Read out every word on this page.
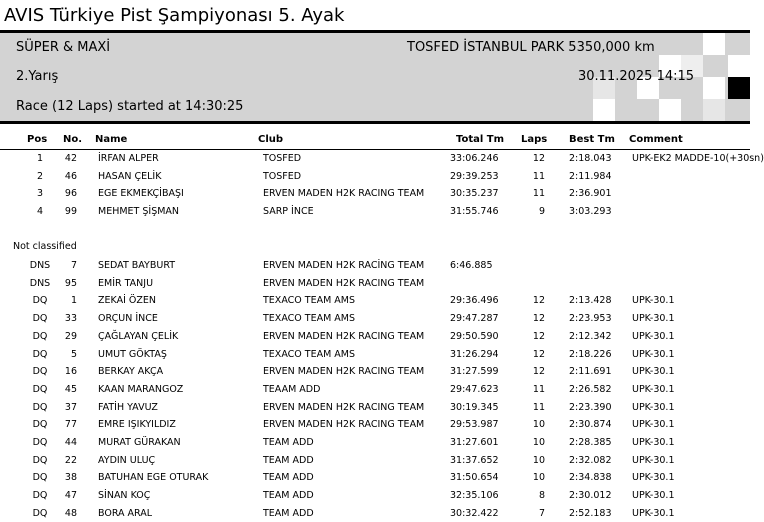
AVIS Türkiye Pist Şampiyonası 5. Ayak
SÜPER & MAXİ	TOSFED İSTANBUL PARK 5350,000 km
2.Yarış	30.11.2025 14:15
Race (12 Laps) started at 14:30:25
Pos No. Name	Club	Total Tm Laps Best Tm Comment
1	42 İRFAN ALPER	TOSFED	33:06.246	12	2:18.043 UPK-EK2 MADDE-10(+30sn)
2	46 HASAN ÇELİK	TOSFED	29:39.253	11	2:11.984
3	96 EGE EKMEKÇİBAŞI	ERVEN MADEN H2K RACING TEAM	30:35.237	11	2:36.901
4	99 MEHMET ŞİŞMAN	SARP İNCE	31:55.746	9	3:03.293
Not classified
DNS	7 SEDAT BAYBURT	ERVEN MADEN H2K RACİNG TEAM	6:46.885
DNS	95 EMİR TANJU	ERVEN MADEN H2K RACING TEAM
DQ	1 ZEKAİ ÖZEN	TEXACO TEAM AMS	29:36.496	12	2:13.428 UPK-30.1
DQ	33 ORÇUN İNCE	TEXACO TEAM AMS	29:47.287	12	2:23.953 UPK-30.1
DQ	29 ÇAĞLAYAN ÇELİK	ERVEN MADEN H2K RACING TEAM	29:50.590	12	2:12.342 UPK-30.1
DQ	5 UMUT GÖKTAŞ	TEXACO TEAM AMS	31:26.294	12	2:18.226 UPK-30.1
DQ	16 BERKAY AKÇA	ERVEN MADEN H2K RACING TEAM	31:27.599	12	2:11.691 UPK-30.1
DQ	45 KAAN MARANGOZ	TEAAM ADD	29:47.623	11	2:26.582 UPK-30.1
DQ	37 FATİH YAVUZ	ERVEN MADEN H2K RACING TEAM	30:19.345	11	2:23.390 UPK-30.1
DQ	77 EMRE IŞIKYILDIZ	ERVEN MADEN H2K RACING TEAM	29:53.987	10	2:30.874 UPK-30.1
DQ	44 MURAT GÜRAKAN	TEAM ADD	31:27.601	10	2:28.385 UPK-30.1
DQ	22 AYDIN ULUÇ	TEAM ADD	31:37.652	10	2:32.082 UPK-30.1
DQ	38 BATUHAN EGE OTURAK	TEAM ADD	31:50.654	10	2:34.838 UPK-30.1
DQ	47 SİNAN KOÇ	TEAM ADD	32:35.106	8	2:30.012 UPK-30.1
DQ	48 BORA ARAL	TEAM ADD	30:32.422	7	2:52.183 UPK-30.1
